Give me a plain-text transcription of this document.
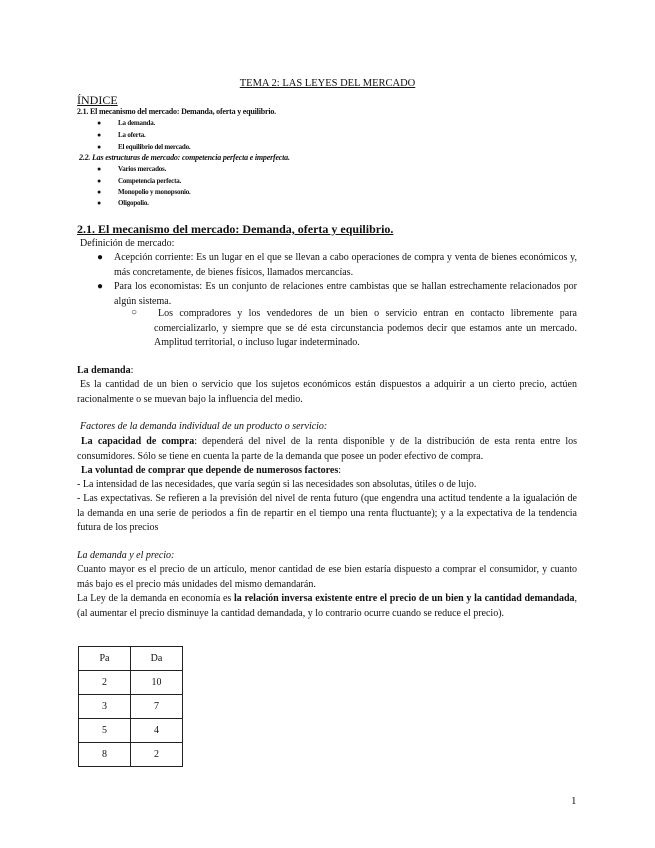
TEMA 2: LAS LEYES DEL MERCADO
ÍNDICE
2.1. El mecanismo del mercado: Demanda, oferta y equilibrio.
● La demanda.
● La oferta.
● El equilibrio del mercado.
2.2. Las estructuras de mercado: competencia perfecta e imperfecta.
● Varios mercados.
● Competencia perfecta.
● Monopolio y monopsonio.
● Oligopolio.
2.1. El mecanismo del mercado: Demanda, oferta y equilibrio.
Definición de mercado:
● Acepción corriente: Es un lugar en el que se llevan a cabo operaciones de compra y venta de bienes económicos y, más concretamente, de bienes físicos, llamados mercancías.
● Para los economistas: Es un conjunto de relaciones entre cambistas que se hallan estrechamente relacionados por algún sistema.
○	Los compradores y los vendedores de un bien o servicio entran en contacto libremente para comercializarlo, y siempre que se dé esta circunstancia podemos decir que estamos ante un mercado. Amplitud territorial, o incluso lugar indeterminado.
La demanda:
Es la cantidad de un bien o servicio que los sujetos económicos están dispuestos a adquirir a un cierto precio, actúen racionalmente o se muevan bajo la influencia del medio.
Factores de la demanda individual de un producto o servicio:
La capacidad de compra: dependerá del nivel de la renta disponible y de la distribución de esta renta entre los consumidores. Sólo se tiene en cuenta la parte de la demanda que posee un poder efectivo de compra.
La voluntad de comprar que depende de numerosos factores:
- La intensidad de las necesidades, que varía según si las necesidades son absolutas, útiles o de lujo.
- Las expectativas. Se refieren a la previsión del nivel de renta futuro (que engendra una actitud tendente a la igualación de la demanda en una serie de periodos a fin de repartir en el tiempo una renta fluctuante); y a la expectativa de la tendencia futura de los precios
La demanda y el precio:
Cuanto mayor es el precio de un artículo, menor cantidad de ese bien estaría dispuesto a comprar el consumidor, y cuanto más bajo es el precio más unidades del mismo demandarán.
La Ley de la demanda en economía es la relación inversa existente entre el precio de un bien y la cantidad demandada, (al aumentar el precio disminuye la cantidad demandada, y lo contrario ocurre cuando se reduce el precio).
Pa	Da
2	10
3	7
5	4
8	2
1
